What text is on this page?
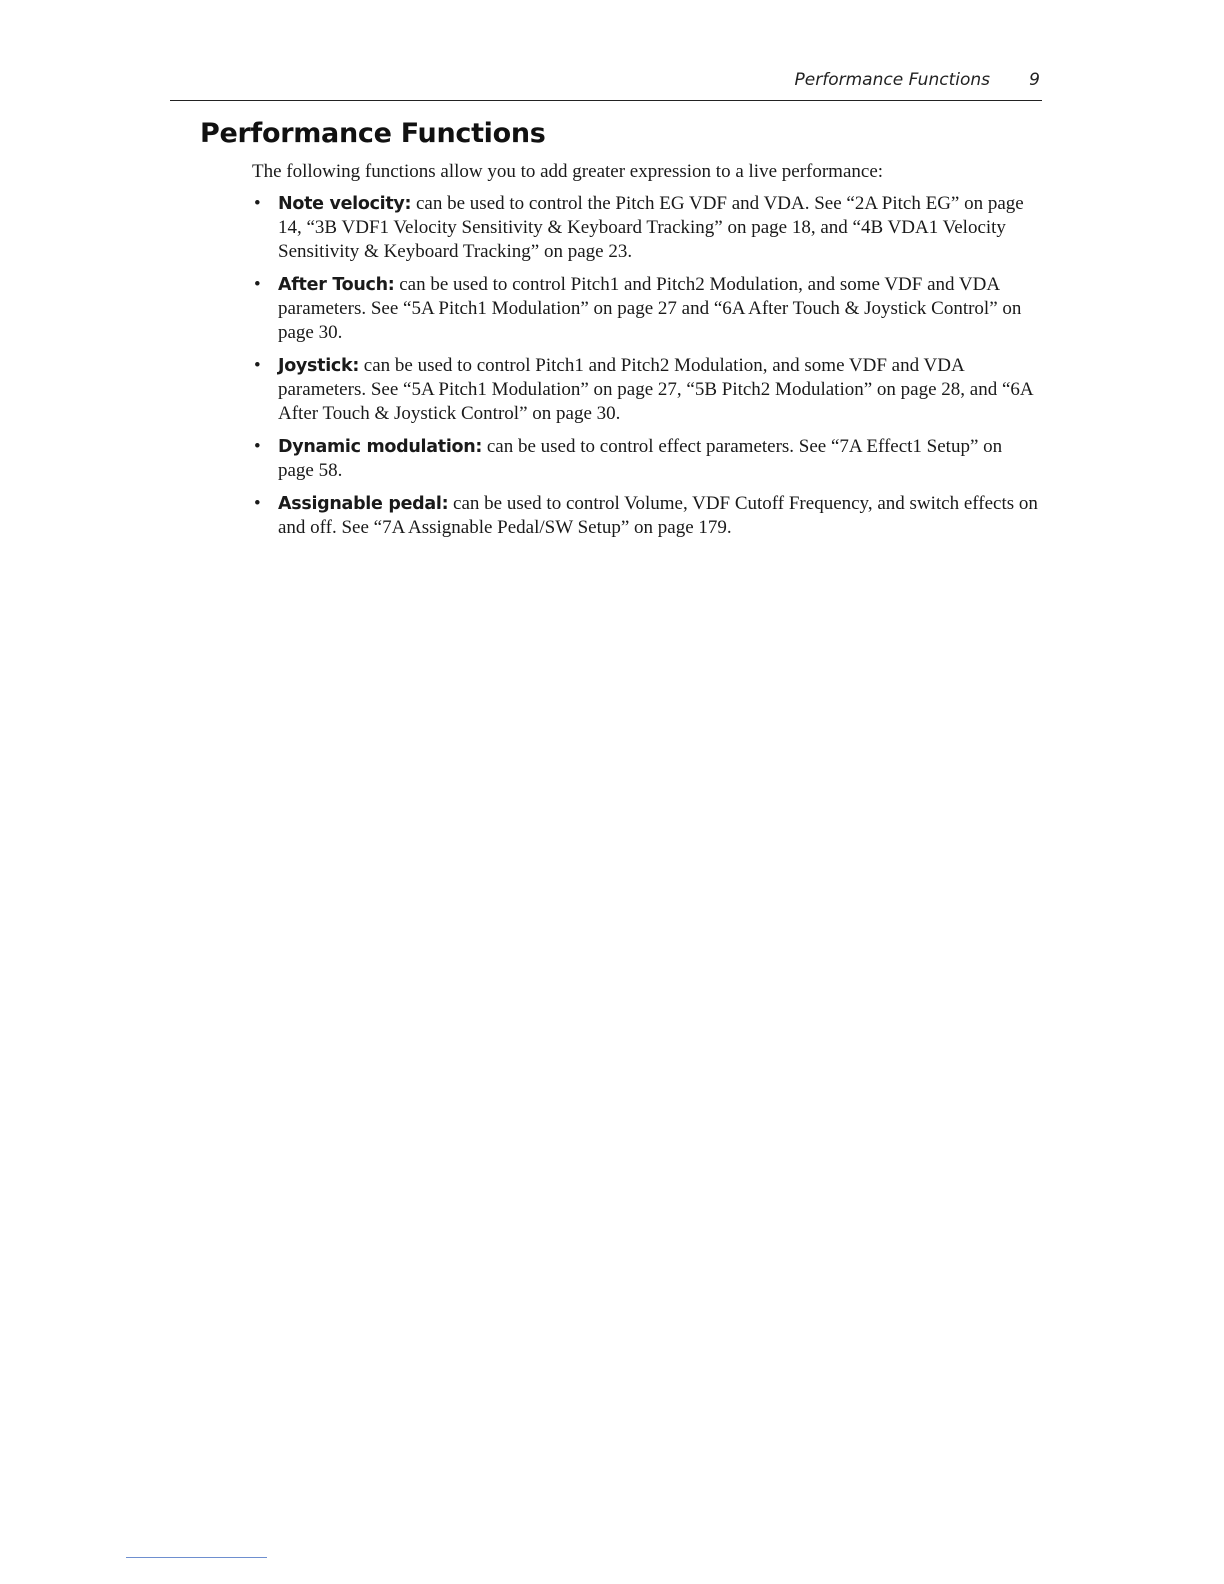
Performance Functions 9
Performance Functions

The following functions allow you to add greater expression to a live performance:

• Note velocity: can be used to control the Pitch EG VDF and VDA. See “2A Pitch EG” on page 14, “3B VDF1 Velocity Sensitivity & Keyboard Tracking” on page 18, and “4B VDA1 Velocity Sensitivity & Keyboard Tracking” on page 23.
• After Touch: can be used to control Pitch1 and Pitch2 Modulation, and some VDF and VDA parameters. See “5A Pitch1 Modulation” on page 27 and “6A After Touch & Joystick Control” on page 30.
• Joystick: can be used to control Pitch1 and Pitch2 Modulation, and some VDF and VDA parameters. See “5A Pitch1 Modulation” on page 27, “5B Pitch2 Modulation” on page 28, and “6A After Touch & Joystick Control” on page 30.
• Dynamic modulation: can be used to control effect parameters. See “7A Effect1 Setup” on page 58.
• Assignable pedal: can be used to control Volume, VDF Cutoff Frequency, and switch effects on and off. See “7A Assignable Pedal/SW Setup” on page 179.
